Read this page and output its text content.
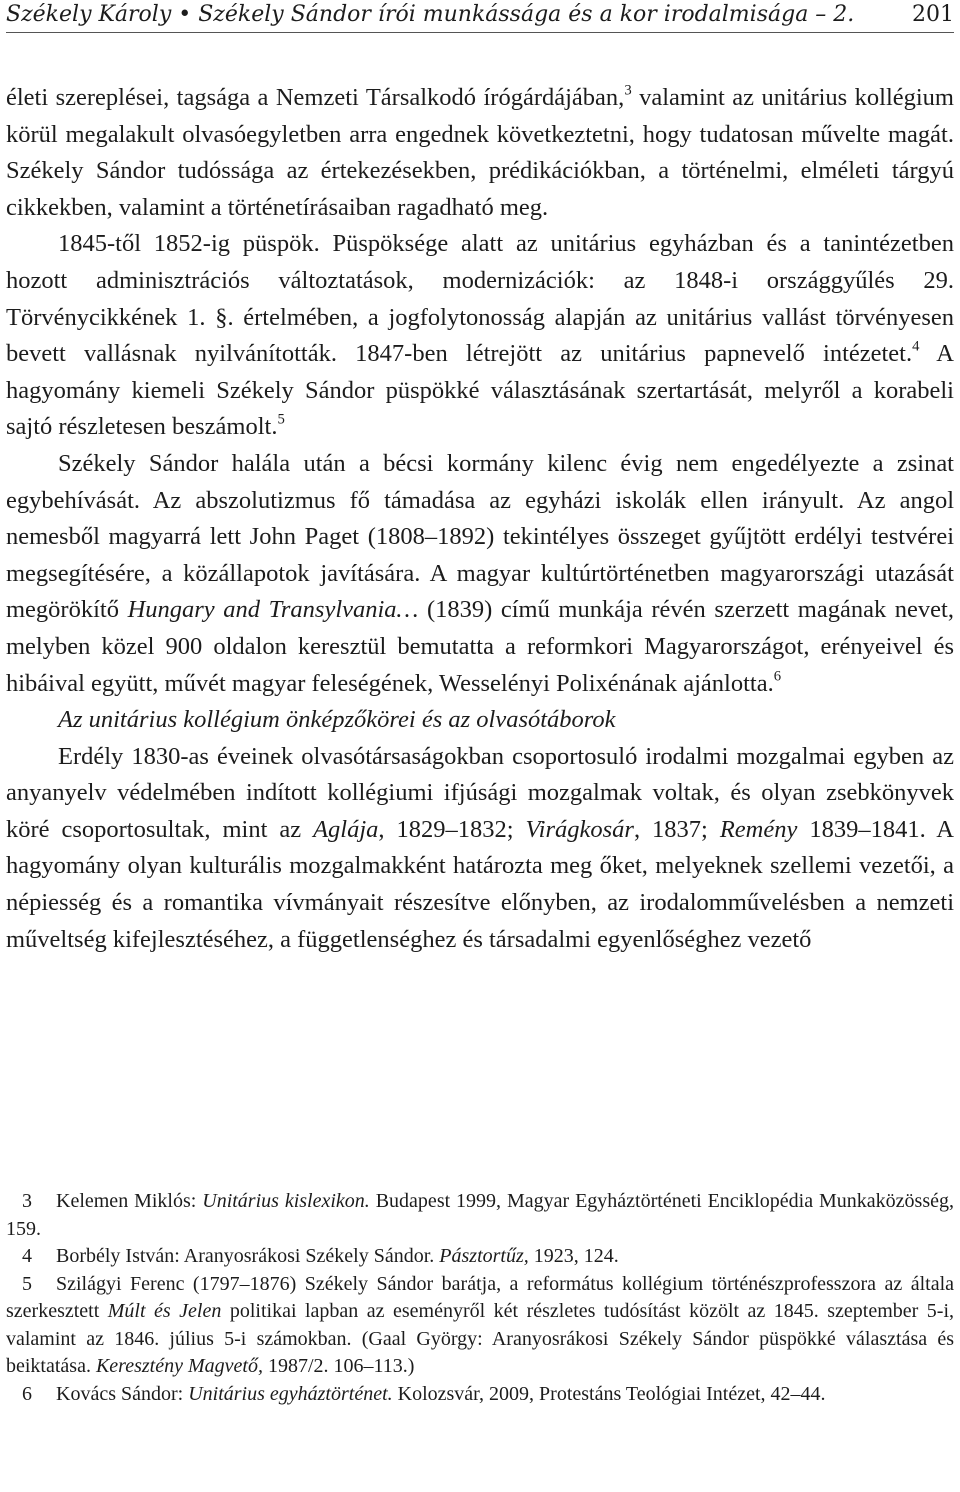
Székely Károly • Székely Sándor írói munkássága és a kor irodalmisága – 2.	201

életi szereplései, tagsága a Nemzeti Társalkodó írógárdájában,$^3$ valamint az unitárius kollégium körül megalakult olvasóegyletben arra engednek következtetni, hogy tudatosan művelte magát. Székely Sándor tudóssága az értekezésekben, prédikációkban, a történelmi, elméleti tárgyú cikkekben, valamint a történetírásaiban ragadható meg.

1845-től 1852-ig püspök. Püspöksége alatt az unitárius egyházban és a tanintézetben hozott adminisztrációs változtatások, modernizációk: az 1848-i országgyűlés 29. Törvénycikkének 1. §. értelmében, a jogfolytonosság alapján az unitárius vallást törvényesen bevett vallásnak nyilvánították. 1847-ben létrejött az unitárius papnevelő intézetet.$^4$ A hagyomány kiemeli Székely Sándor püspökké választásának szertartását, melyről a korabeli sajtó részletesen beszámolt.$^5$

Székely Sándor halála után a bécsi kormány kilenc évig nem engedélyezte a zsinat egybehívását. Az abszolutizmus fő támadása az egyházi iskolák ellen irányult. Az angol nemesből magyarrá lett John Paget (1808–1892) tekintélyes összeget gyűjtött erdélyi testvérei megsegítésére, a közállapotok javítására. A magyar kultúrtörténetben magyarországi utazását megörökítő Hungary and Transylvania… (1839) című munkája révén szerzett magának nevet, melyben közel 900 oldalon keresztül bemutatta a reformkori Magyarországot, erényeivel és hibáival együtt, művét magyar feleségének, Wesselényi Polixénának ajánlotta.$^6$

Az unitárius kollégium önképzőkörei és az olvasótáborok

Erdély 1830-as éveinek olvasótársaságokban csoportosuló irodalmi mozgalmai egyben az anyanyelv védelmében indított kollégiumi ifjúsági mozgalmak voltak, és olyan zsebkönyvek köré csoportosultak, mint az Aglája, 1829–1832; Virágkosár, 1837; Remény 1839–1841. A hagyomány olyan kulturális mozgalmakként határozta meg őket, melyeknek szellemi vezetői, a népiesség és a romantika vívmányait részesítve előnyben, az irodalomművelésben a nemzeti műveltség kifejlesztéséhez, a függetlenséghez és társadalmi egyenlőséghez vezető

3 Kelemen Miklós: Unitárius kislexikon. Budapest 1999, Magyar Egyháztörténeti Enciklopédia Munkaközösség, 159.

4 Borbély István: Aranyosrákosi Székely Sándor. Pásztortűz, 1923, 124.

5 Szilágyi Ferenc (1797–1876) Székely Sándor barátja, a református kollégium történészprofesszora az általa szerkesztett Múlt és Jelen politikai lapban az eseményről két részletes tudósítást közölt az 1845. szeptember 5-i, valamint az 1846. július 5-i számokban. (Gaal György: Aranyosrákosi Székely Sándor püspökké választása és beiktatása. Keresztény Magvető, 1987/2. 106–113.)

6 Kovács Sándor: Unitárius egyháztörténet. Kolozsvár, 2009, Protestáns Teológiai Intézet, 42–44.
